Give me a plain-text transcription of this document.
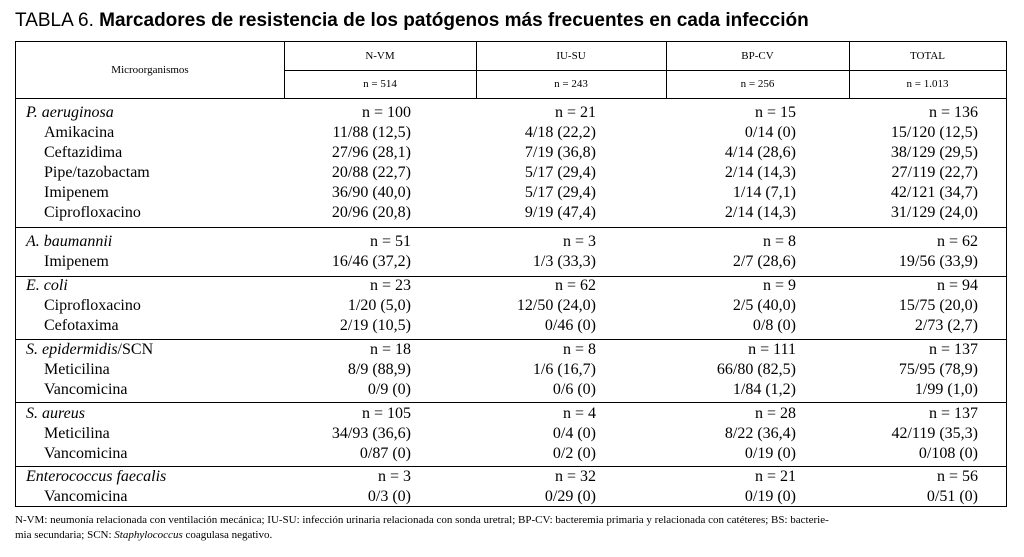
TABLA 6. Marcadores de resistencia de los patógenos más frecuentes en cada infección
Microorganismos
N-VM	IU-SU	BP-CV	TOTAL
n = 514	n = 243	n = 256	n = 1.013
P. aeruginosa	n = 100	n = 21	n = 15	n = 136
Amikacina	11/88 (12,5)	4/18 (22,2)	0/14 (0)	15/120 (12,5)
Ceftazidima	27/96 (28,1)	7/19 (36,8)	4/14 (28,6)	38/129 (29,5)
Pipe/tazobactam	20/88 (22,7)	5/17 (29,4)	2/14 (14,3)	27/119 (22,7)
Imipenem	36/90 (40,0)	5/17 (29,4)	1/14 (7,1)	42/121 (34,7)
Ciprofloxacino	20/96 (20,8)	9/19 (47,4)	2/14 (14,3)	31/129 (24,0)
A. baumannii	n = 51	n = 3	n = 8	n = 62
Imipenem	16/46 (37,2)	1/3 (33,3)	2/7 (28,6)	19/56 (33,9)
E. coli	n = 23	n = 62	n = 9	n = 94
Ciprofloxacino	1/20 (5,0)	12/50 (24,0)	2/5 (40,0)	15/75 (20,0)
Cefotaxima	2/19 (10,5)	0/46 (0)	0/8 (0)	2/73 (2,7)
S. epidermidis/SCN	n = 18	n = 8	n = 111	n = 137
Meticilina	8/9 (88,9)	1/6 (16,7)	66/80 (82,5)	75/95 (78,9)
Vancomicina	0/9 (0)	0/6 (0)	1/84 (1,2)	1/99 (1,0)
S. aureus	n = 105	n = 4	n = 28	n = 137
Meticilina	34/93 (36,6)	0/4 (0)	8/22 (36,4)	42/119 (35,3)
Vancomicina	0/87 (0)	0/2 (0)	0/19 (0)	0/108 (0)
Enterococcus faecalis	n = 3	n = 32	n = 21	n = 56
Vancomicina	0/3 (0)	0/29 (0)	0/19 (0)	0/51 (0)
N-VM: neumonía relacionada con ventilación mecánica; IU-SU: infección urinaria relacionada con sonda uretral; BP-CV: bacteremia primaria y relacionada con catéteres; BS: bacterie-
mia secundaria; SCN: Staphylococcus coagulasa negativo.
